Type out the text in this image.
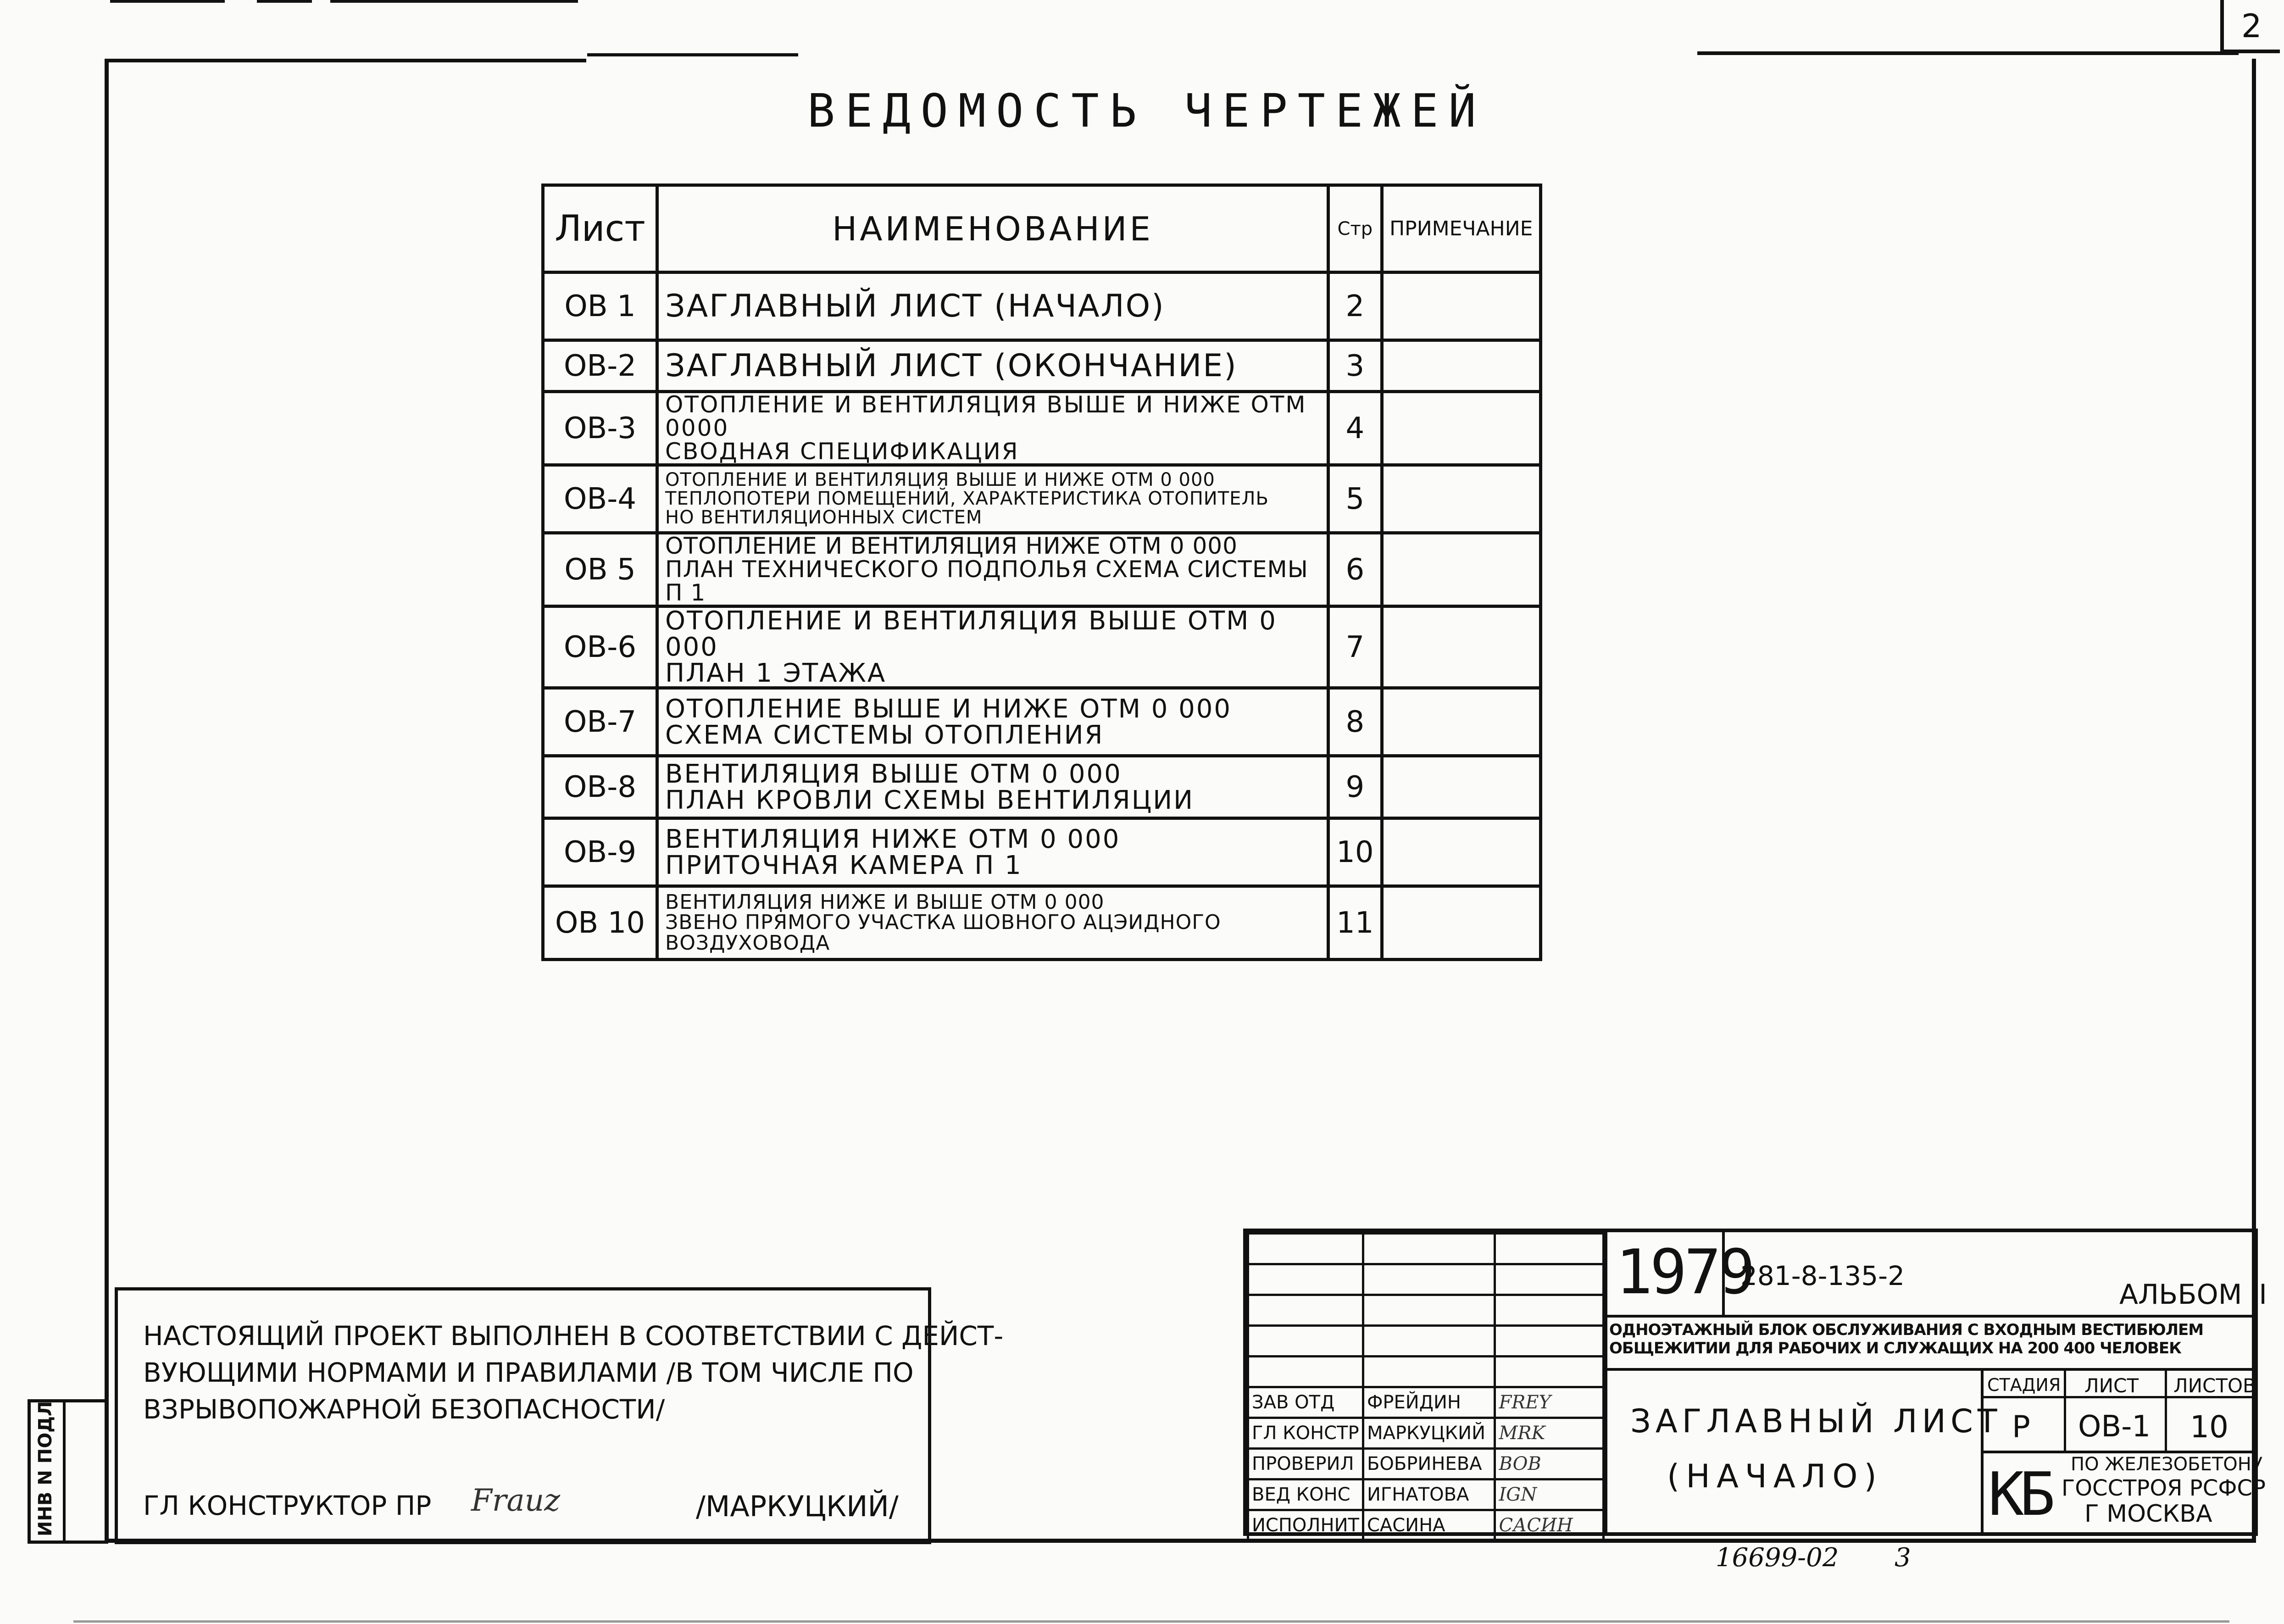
2
ВЕДОМОСТЬ ЧЕРТЕЖЕЙ
Лист	НАИМЕНОВАНИЕ	Стр	ПРИМЕЧАНИЕ
ОВ 1	ЗАГЛАВНЫЙ ЛИСТ (НАЧАЛО)	2	
ОВ-2	ЗАГЛАВНЫЙ ЛИСТ (ОКОНЧАНИЕ)	3	
ОВ-3	ОТОПЛЕНИЕ И ВЕНТИЛЯЦИЯ ВЫШЕ И НИЖЕ ОТМ 0000
СВОДНАЯ СПЕЦИФИКАЦИЯ	4	
ОВ-4	ОТОПЛЕНИЕ И ВЕНТИЛЯЦИЯ ВЫШЕ И НИЖЕ ОТМ 0 000
ТЕПЛОПОТЕРИ ПОМЕЩЕНИЙ, ХАРАКТЕРИСТИКА ОТОПИТЕЛЬ
НО ВЕНТИЛЯЦИОННЫХ СИСТЕМ	5	
ОВ 5	ОТОПЛЕНИЕ И ВЕНТИЛЯЦИЯ НИЖЕ ОТМ 0 000
ПЛАН ТЕХНИЧЕСКОГО ПОДПОЛЬЯ СХЕМА СИСТЕМЫ П 1	6	
ОВ-6	ОТОПЛЕНИЕ И ВЕНТИЛЯЦИЯ ВЫШЕ ОТМ 0 000
ПЛАН 1 ЭТАЖА	7	
ОВ-7	ОТОПЛЕНИЕ ВЫШЕ И НИЖЕ ОТМ 0 000
СХЕМА СИСТЕМЫ ОТОПЛЕНИЯ	8	
ОВ-8	ВЕНТИЛЯЦИЯ ВЫШЕ ОТМ 0 000
ПЛАН КРОВЛИ СХЕМЫ ВЕНТИЛЯЦИИ	9	
ОВ-9	ВЕНТИЛЯЦИЯ НИЖЕ ОТМ 0 000
ПРИТОЧНАЯ КАМЕРА П 1	10	
ОВ 10	ВЕНТИЛЯЦИЯ НИЖЕ И ВЫШЕ ОТМ 0 000
ЗВЕНО ПРЯМОГО УЧАСТКА ШОВНОГО АЦЭИДНОГО
ВОЗДУХОВОДА	11	
НАСТОЯЩИЙ ПРОЕКТ ВЫПОЛНЕН В СООТВЕТСТВИИ С ДЕЙСТ-
ВУЮЩИМИ НОРМАМИ И ПРАВИЛАМИ /В ТОМ ЧИСЛЕ ПО
ВЗРЫВОПОЖАРНОЙ БЕЗОПАСНОСТИ/
ГЛ КОНСТРУКТОР ПР Frauz	/МАРКУЦКИЙ/
ИНВ N ПОДЛ

			ЗАВ ОТД	ФРЕЙДИН	FREY
ГЛ КОНСТР	МАРКУЦКИЙ	MRK
ПРОВЕРИЛ	БОБРИНЕВА	BOB
ВЕД КОНС	ИГНАТОВА	IGN
ИСПОЛНИТ	САСИНА	САСИН
1979
281-8-135-2
АЛЬБОМ II
ОДНОЭТАЖНЫЙ БЛОК ОБСЛУЖИВАНИЯ С ВХОДНЫМ ВЕСТИБЮЛЕМ
ОБЩЕЖИТИИ ДЛЯ РАБОЧИХ И СЛУЖАЩИХ НА 200 400 ЧЕЛОВЕК
ЗАГЛАВНЫЙ ЛИСТ
(НАЧАЛО)
СТАДИЯ ЛИСТ ЛИСТОВ
Р ОВ-1 10
КБ ПО ЖЕЛЕЗОБЕТОНУ
ГОССТРОЯ РСФСР
Г МОСКВА
16699-02 3
